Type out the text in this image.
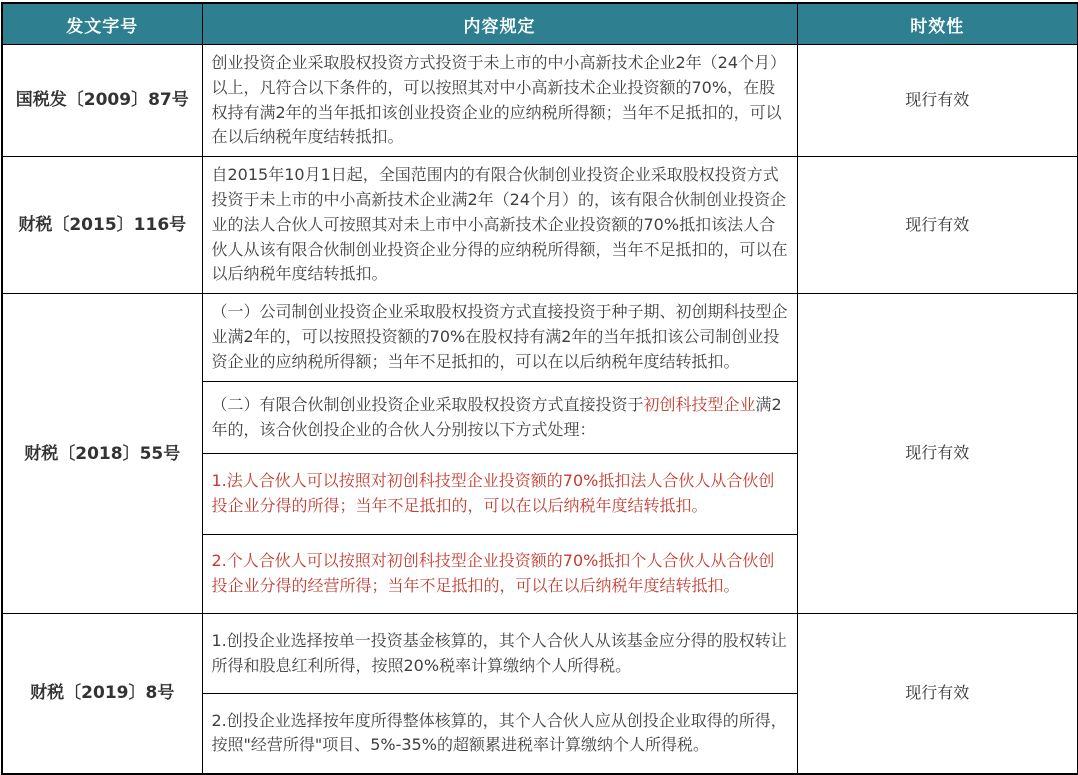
发文字号	内容规定	时效性
国税发〔2009〕87号	创业投资企业采取股权投资方式投资于未上市的中小高新技术企业2年（24个月）以上，凡符合以下条件的，可以按照其对中小高新技术企业投资额的70%，在股权持有满2年的当年抵扣该创业投资企业的应纳税所得额；当年不足抵扣的，可以在以后纳税年度结转抵扣。	现行有效
财税〔2015〕116号	自2015年10月1日起，全国范围内的有限合伙制创业投资企业采取股权投资方式投资于未上市的中小高新技术企业满2年（24个月）的，该有限合伙制创业投资企业的法人合伙人可按照其对未上市中小高新技术企业投资额的70%抵扣该法人合伙人从该有限合伙制创业投资企业分得的应纳税所得额，当年不足抵扣的，可以在以后纳税年度结转抵扣。	现行有效
财税〔2018〕55号	（一）公司制创业投资企业采取股权投资方式直接投资于种子期、初创期科技型企业满2年的，可以按照投资额的70%在股权持有满2年的当年抵扣该公司制创业投资企业的应纳税所得额；当年不足抵扣的，可以在以后纳税年度结转抵扣。	现行有效
	（二）有限合伙制创业投资企业采取股权投资方式直接投资于初创科技型企业满2年的，该合伙创投企业的合伙人分别按以下方式处理：	
	1.法人合伙人可以按照对初创科技型企业投资额的70%抵扣法人合伙人从合伙创投企业分得的所得；当年不足抵扣的，可以在以后纳税年度结转抵扣。	
	2.个人合伙人可以按照对初创科技型企业投资额的70%抵扣个人合伙人从合伙创投企业分得的经营所得；当年不足抵扣的，可以在以后纳税年度结转抵扣。	
财税〔2019〕8号	1.创投企业选择按单一投资基金核算的，其个人合伙人从该基金应分得的股权转让所得和股息红利所得，按照20%税率计算缴纳个人所得税。	现行有效
	2.创投企业选择按年度所得整体核算的，其个人合伙人应从创投企业取得的所得，按照"经营所得"项目、5%-35%的超额累进税率计算缴纳个人所得税。	
